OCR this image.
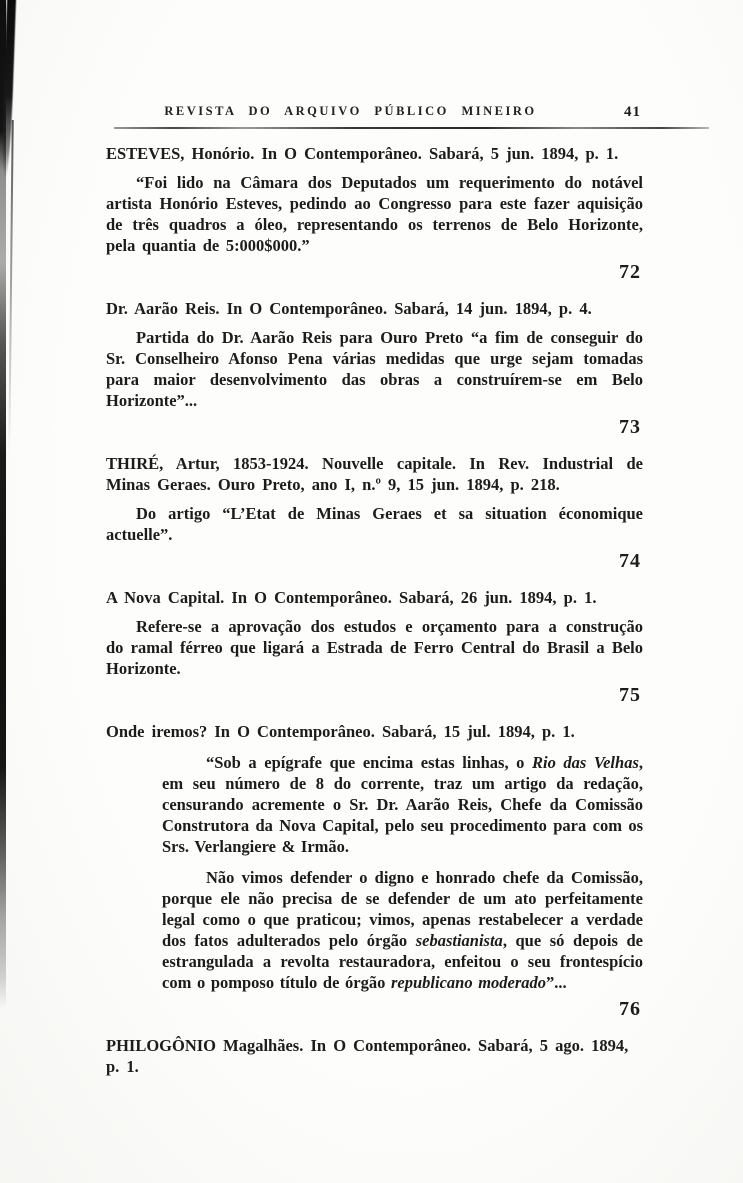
REVISTA DO ARQUIVO PÚBLICO MINEIRO	41

ESTEVES, Honório. In O Contemporâneo. Sabará, 5 jun. 1894, p. 1.

“Foi lido na Câmara dos Deputados um requerimento do notável artista Honório Esteves, pedindo ao Congresso para este fazer aquisição de três quadros a óleo, representando os terrenos de Belo Horizonte, pela quantia de 5:000$000.”

72

Dr. Aarão Reis. In O Contemporâneo. Sabará, 14 jun. 1894, p. 4.

Partida do Dr. Aarão Reis para Ouro Preto “a fim de conseguir do Sr. Conselheiro Afonso Pena várias medidas que urge sejam tomadas para maior desenvolvimento das obras a construírem-se em Belo Horizonte”...

73

THIRÉ, Artur, 1853-1924. Nouvelle capitale. In Rev. Industrial de Minas Geraes. Ouro Preto, ano I, n.º 9, 15 jun. 1894, p. 218.

Do artigo “L’Etat de Minas Geraes et sa situation économique actuelle”.

74

A Nova Capital. In O Contemporâneo. Sabará, 26 jun. 1894, p. 1.

Refere-se a aprovação dos estudos e orçamento para a construção do ramal férreo que ligará a Estrada de Ferro Central do Brasil a Belo Horizonte.

75

Onde iremos? In O Contemporâneo. Sabará, 15 jul. 1894, p. 1.

“Sob a epígrafe que encima estas linhas, o Rio das Velhas, em seu número de 8 do corrente, traz um artigo da redação, censurando acremente o Sr. Dr. Aarão Reis, Chefe da Comissão Construtora da Nova Capital, pelo seu procedimento para com os Srs. Verlangiere & Irmão.

Não vimos defender o digno e honrado chefe da Comissão, porque ele não precisa de se defender de um ato perfeitamente legal como o que praticou; vimos, apenas restabelecer a verdade dos fatos adulterados pelo órgão sebastianista, que só depois de estrangulada a revolta restauradora, enfeitou o seu frontespício com o pomposo título de órgão republicano moderado”...

76

PHILOGÔNIO Magalhães. In O Contemporâneo. Sabará, 5 ago. 1894,
p. 1.
